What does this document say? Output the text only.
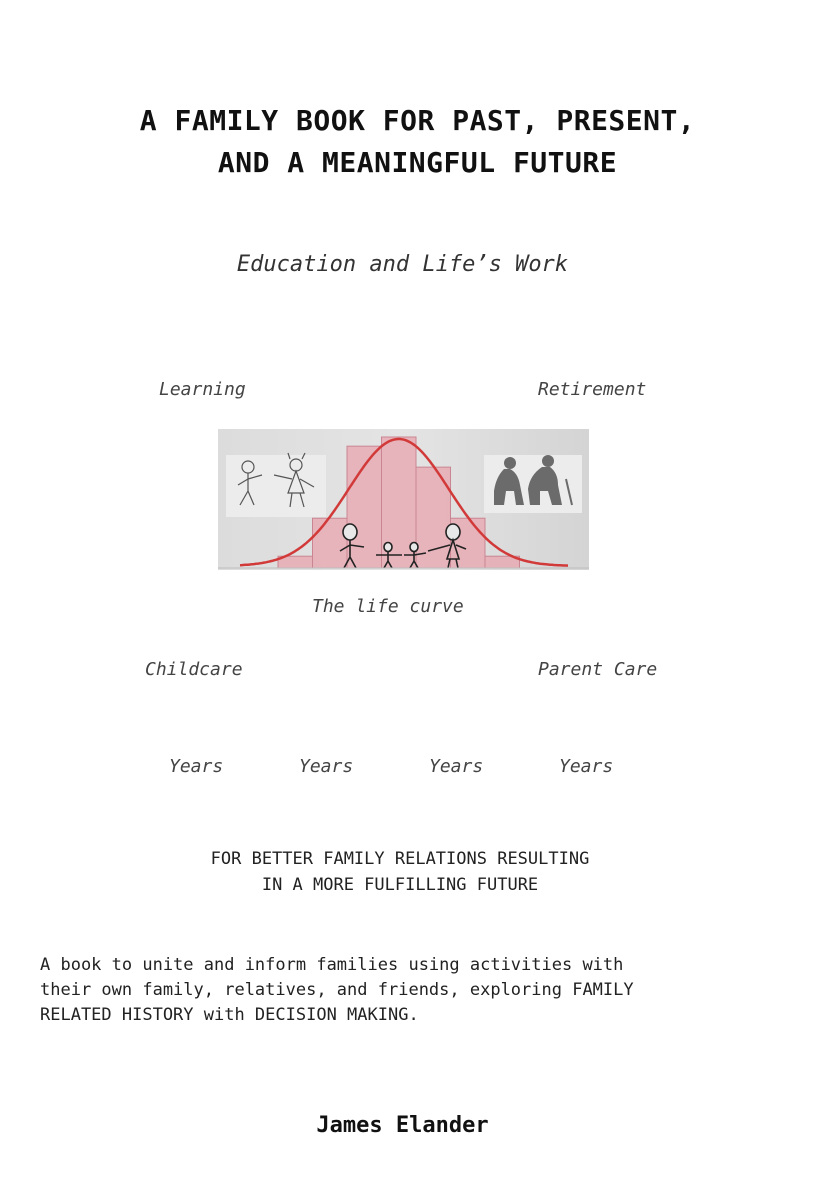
A FAMILY BOOK FOR PAST, PRESENT,
AND A MEANINGFUL FUTURE
Education and Life’s Work
Learning	Retirement
The life curve
Childcare	Parent Care
Years	Years	Years	Years
FOR BETTER FAMILY RELATIONS RESULTING
IN A MORE FULFILLING FUTURE
A book to unite and inform families using activities with
their own family, relatives, and friends, exploring FAMILY
RELATED HISTORY with DECISION MAKING.
James Elander
